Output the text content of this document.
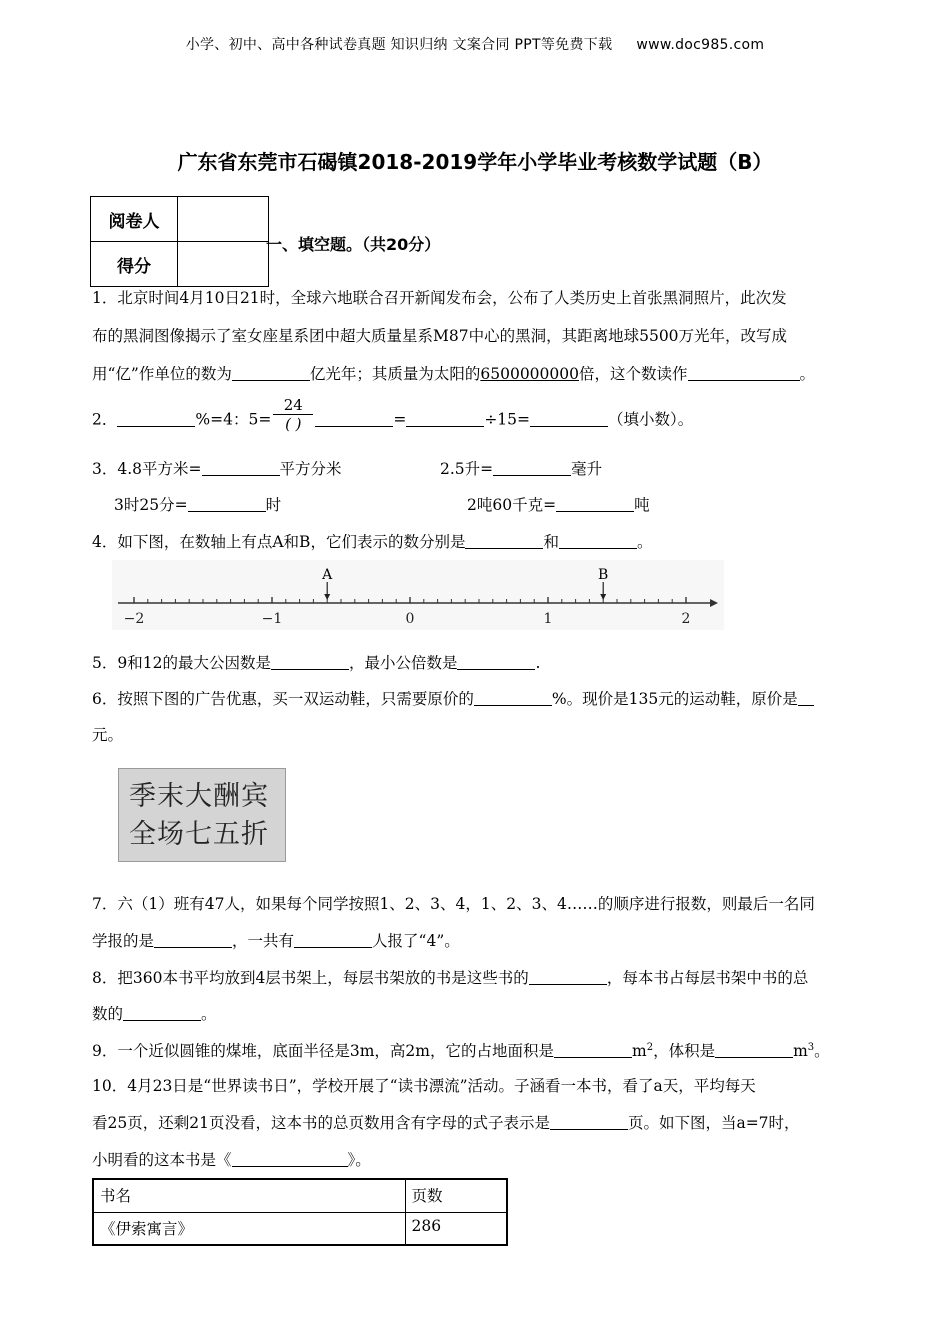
小学、初中、高中各种试卷真题 知识归纳 文案合同 PPT等免费下载 www.doc985.com
广东省东莞市石碣镇2018-2019学年小学毕业考核数学试题（B）
阅卷人	
得分	
一、填空题。（共20分）
1．北京时间4月10日21时，全球六地联合召开新闻发布会，公布了人类历史上首张黑洞照片，此次发
布的黑洞图像揭示了室女座星系团中超大质量星系M87中心的黑洞，其距离地球5500万光年，改写成
用“亿”作单位的数为	亿光年；其质量为太阳的6500000000倍，这个数读作	。
2．	%=4：$5= \frac{24}{( )}$	=	÷15=	（填小数）。
3．4.8平方米=	平方分米	2.5升=	毫升
3时25分=	时	2吨60千克=	吨
4．如下图，在数轴上有点A和B，它们表示的数分别是	和	。
−2	−1	0	1	2
A	B
5．9和12的最大公因数是	，最小公倍数是	.
6．按照下图的广告优惠，买一双运动鞋，只需要原价的	%。现价是135元的运动鞋，原价是
元。
季末大酬宾
全场七五折
7．六（1）班有47人，如果每个同学按照1、2、3、4，1、2、3、4……的顺序进行报数，则最后一名同
学报的是	，一共有	人报了“4”。
8．把360本书平均放到4层书架上，每层书架放的书是这些书的	，每本书占每层书架中书的总
数的	。
9．一个近似圆锥的煤堆，底面半径是3m，高2m，它的占地面积是	$m^2$，体积是	$m^3$。
10．4月23日是“世界读书日”，学校开展了“读书漂流”活动。子涵看一本书，看了a天，平均每天
看25页，还剩21页没看，这本书的总页数用含有字母的式子表示是	页。如下图，当a=7时，
小明看的这本书是《	》。
书名	页数
《伊索寓言》	286
